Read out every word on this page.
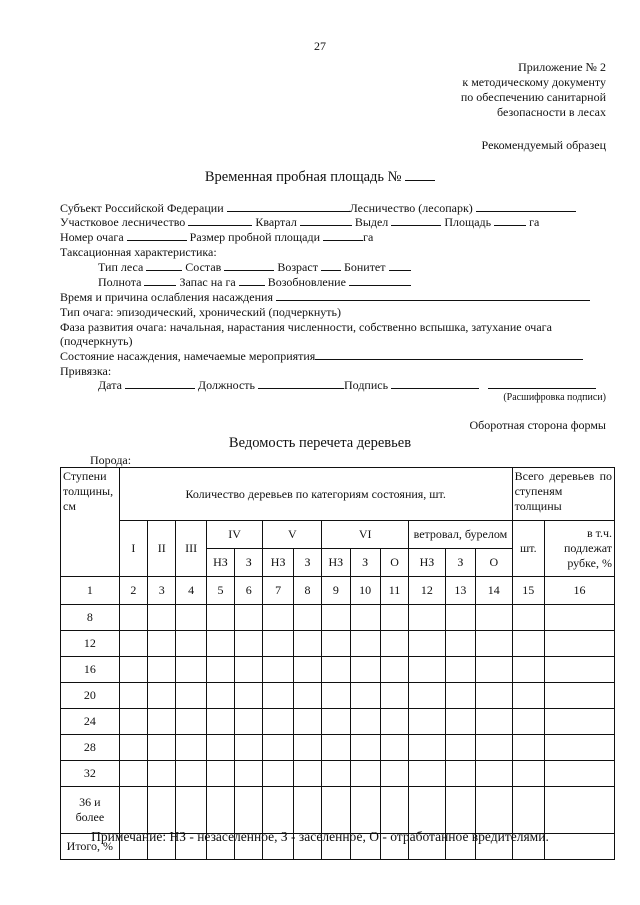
27
Приложение № 2
к методическому документу
по обеспечению санитарной
безопасности в лесах
Рекомендуемый образец
Временная пробная площадь №
Субъект Российской Федерации	Лесничество (лесопарк)
Участковое лесничество	Квартал	Выдел	Площадь	га
Номер очага	Размер пробной площади	га
Таксационная характеристика:
Тип леса	Состав	Возраст Бонитет
Полнота	Запас на га	Возобновление
Время и причина ослабления насаждения
Тип очага: эпизодический, хронический (подчеркнуть)
Фаза развития очага: начальная, нарастания численности, собственно вспышка, затухание очага
(подчеркнуть)
Состояние насаждения, намечаемые мероприятия
Привязка:
Дата	Должность	Подпись
(Расшифровка подписи)
Оборотная сторона формы
Ведомость перечета деревьев
Порода:
Ступени толщины, см	Количество деревьев по категориям состояния, шт.													Всего деревьев по ступеням толщины	
	I	II	III	IV		V		VI			ветровал, бурелом			шт.	в т.ч. подлежат рубке, %
				НЗ	З	НЗ	З	НЗ	З	О	НЗ	З	О		
1	2	3	4	5	6	7	8	9	10	11	12	13	14	15	16
8															
12															
16															
20															
24															
28															
32															
36 и более															
Итого, %															
Примечание: НЗ - незаселенное, З - заселенное, О - отработанное вредителями.
